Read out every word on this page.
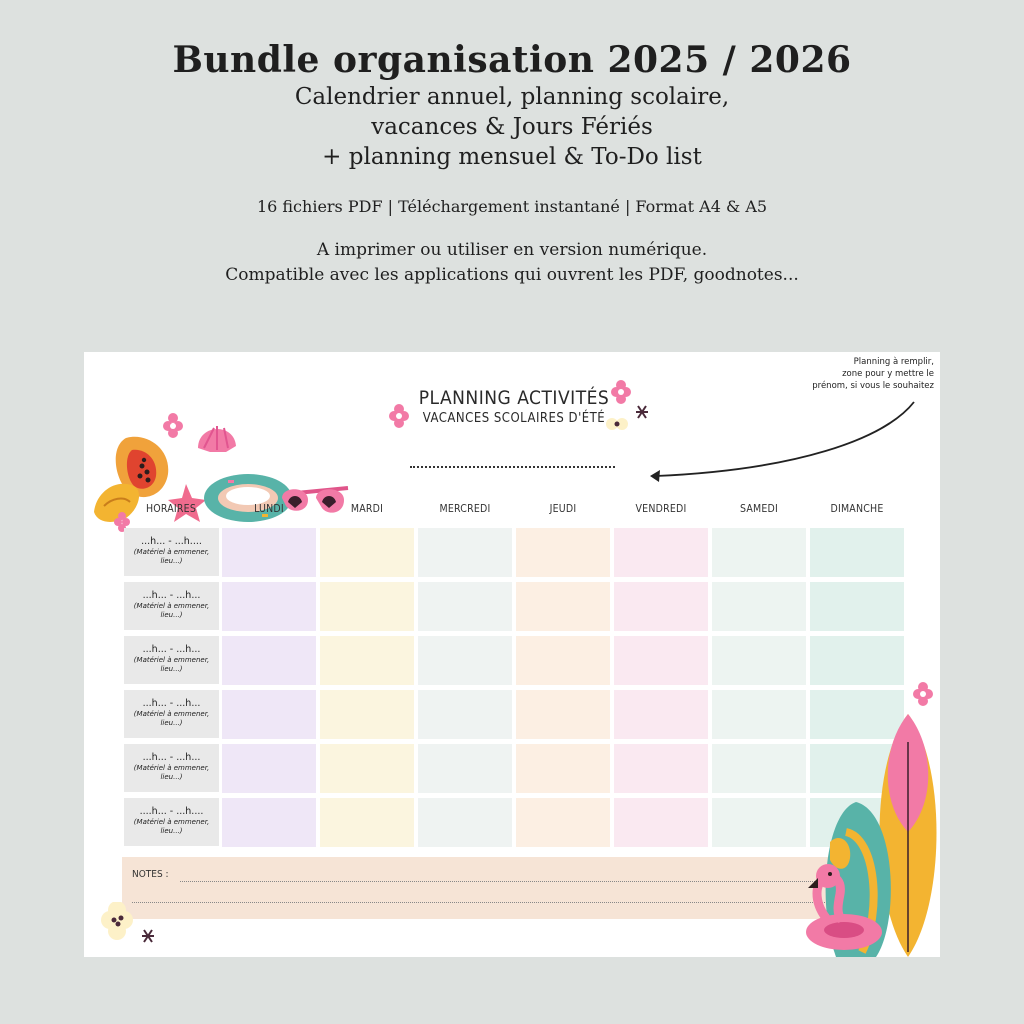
Bundle organisation 2025 / 2026
Calendrier annuel, planning scolaire,
vacances & Jours Fériés
+ planning mensuel & To-Do list
16 fichiers PDF | Téléchargement instantané | Format A4 & A5
A imprimer ou utiliser en version numérique.
Compatible avec les applications qui ouvrent les PDF, goodnotes...
PLANNING ACTIVITÉS
VACANCES SCOLAIRES D'ÉTÉ
Planning à remplir,
zone pour y mettre le
prénom, si vous le souhaitez
HORAIRES	LUNDI	MARDI	MERCREDI	JEUDI	VENDREDI	SAMEDI	DIMANCHE
...h... - ...h....
(Matériel à emmener,
lieu...)
...h... - ...h...
(Matériel à emmener,
lieu...)
...h... - ...h...
(Matériel à emmener,
lieu...)
...h... - ...h...
(Matériel à emmener,
lieu...)
...h... - ...h...
(Matériel à emmener,
lieu...)
....h... - ...h....
(Matériel à emmener,
lieu...)
NOTES :
